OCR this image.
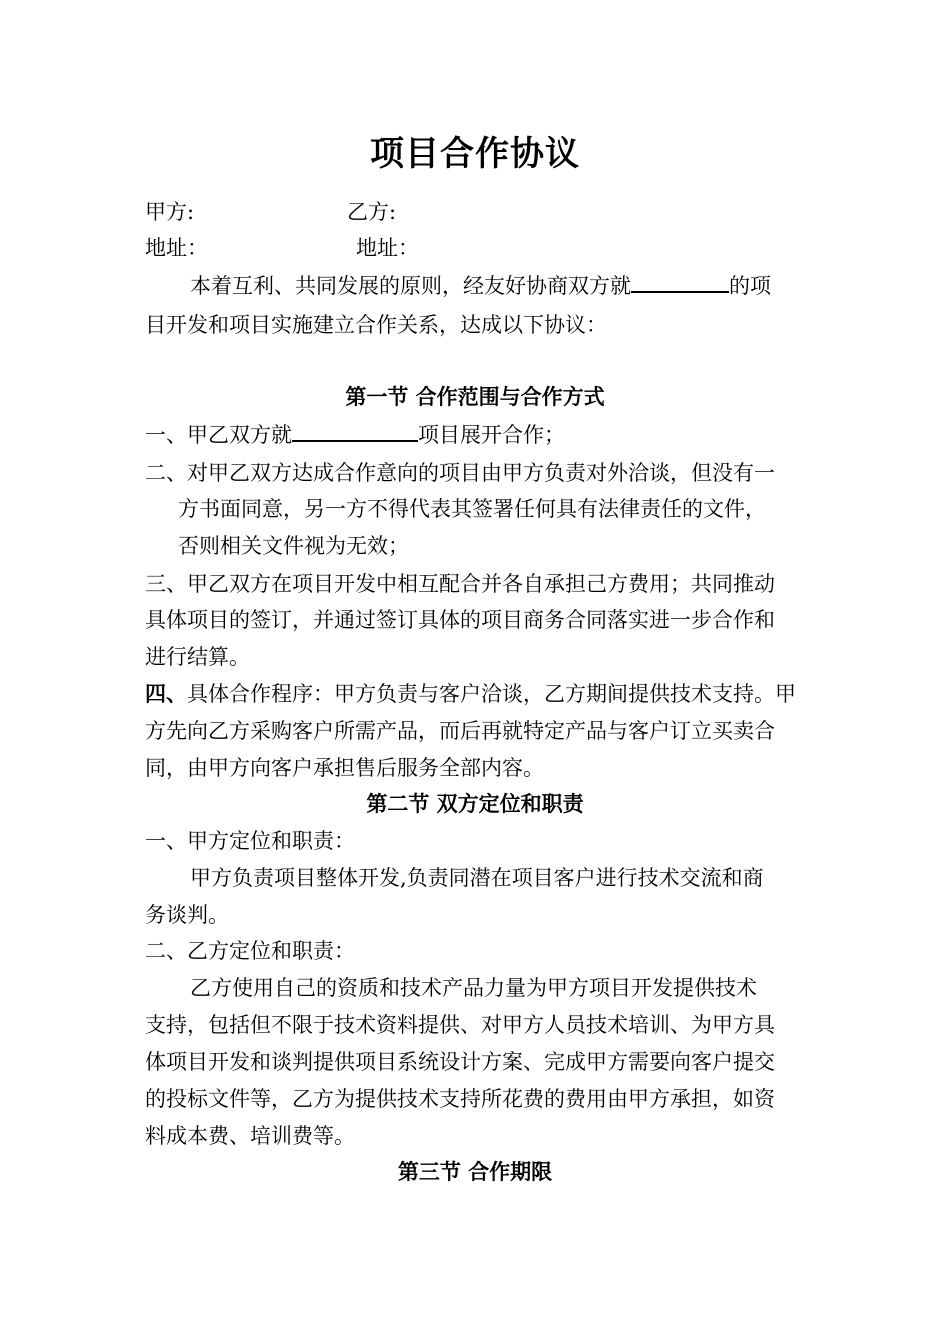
项目合作协议
甲方:	乙方:
地址：	地址：
本着互利、共同发展的原则，经友好协商双方就	的项
目开发和项目实施建立合作关系，达成以下协议：
第一节 合作范围与合作方式
一、甲乙双方就	项目展开合作；
二、对甲乙双方达成合作意向的项目由甲方负责对外洽谈，但没有一
方书面同意，另一方不得代表其签署任何具有法律责任的文件，
否则相关文件视为无效；
三、甲乙双方在项目开发中相互配合并各自承担己方费用；共同推动
具体项目的签订，并通过签订具体的项目商务合同落实进一步合作和
进行结算。
四、具体合作程序：甲方负责与客户洽谈，乙方期间提供技术支持。甲
方先向乙方采购客户所需产品，而后再就特定产品与客户订立买卖合
同，由甲方向客户承担售后服务全部内容。
第二节 双方定位和职责
一、甲方定位和职责：
甲方负责项目整体开发,负责同潜在项目客户进行技术交流和商
务谈判。
二、乙方定位和职责：
乙方使用自己的资质和技术产品力量为甲方项目开发提供技术
支持，包括但不限于技术资料提供、对甲方人员技术培训、为甲方具
体项目开发和谈判提供项目系统设计方案、完成甲方需要向客户提交
的投标文件等，乙方为提供技术支持所花费的费用由甲方承担，如资
料成本费、培训费等。
第三节 合作期限
